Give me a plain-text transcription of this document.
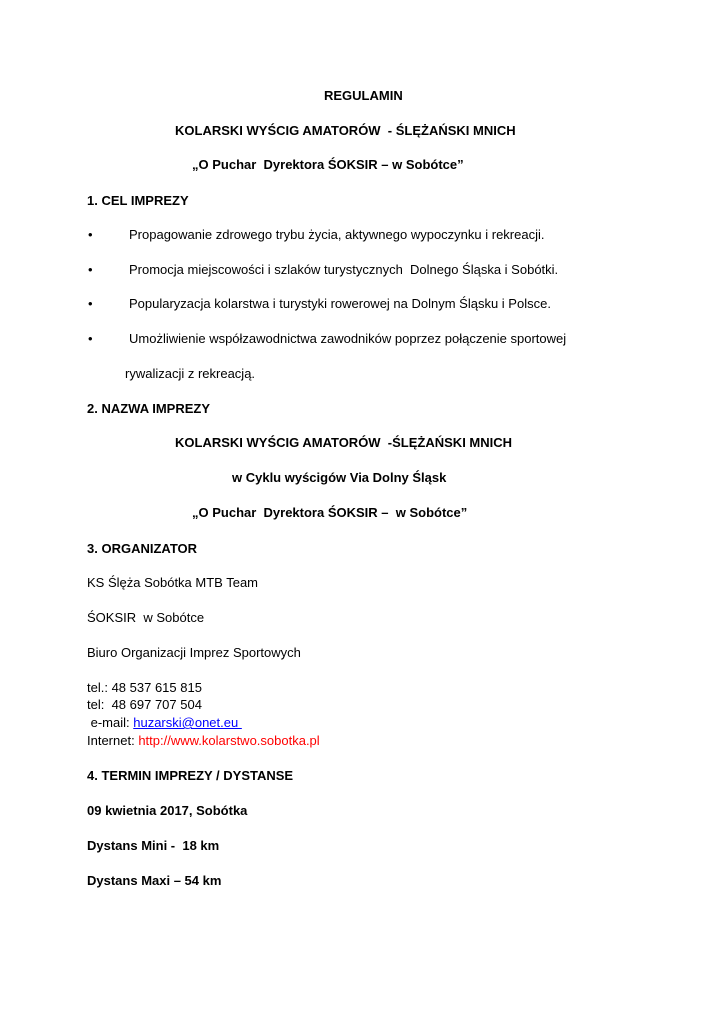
REGULAMIN
KOLARSKI WYŚCIG AMATORÓW  - ŚLĘŻAŃSKI MNICH
„O Puchar  Dyrektora ŚOKSIR – w Sobótce”
1. CEL IMPREZY
•	Propagowanie zdrowego trybu życia, aktywnego wypoczynku i rekreacji.
•	Promocja miejscowości i szlaków turystycznych  Dolnego Śląska i Sobótki.
•	Popularyzacja kolarstwa i turystyki rowerowej na Dolnym Śląsku i Polsce.
•	Umożliwienie współzawodnictwa zawodników poprzez połączenie sportowej
rywalizacji z rekreacją.
2. NAZWA IMPREZY
KOLARSKI WYŚCIG AMATORÓW  -ŚLĘŻAŃSKI MNICH
w Cyklu wyścigów Via Dolny Śląsk
„O Puchar  Dyrektora ŚOKSIR –  w Sobótce”
3. ORGANIZATOR
KS Ślęża Sobótka MTB Team
ŚOKSIR  w Sobótce
Biuro Organizacji Imprez Sportowych
tel.: 48 537 615 815
tel:  48 697 707 504
e-mail: huzarski@onet.eu
Internet: http://www.kolarstwo.sobotka.pl
4. TERMIN IMPREZY / DYSTANSE
09 kwietnia 2017, Sobótka
Dystans Mini -  18 km
Dystans Maxi – 54 km
